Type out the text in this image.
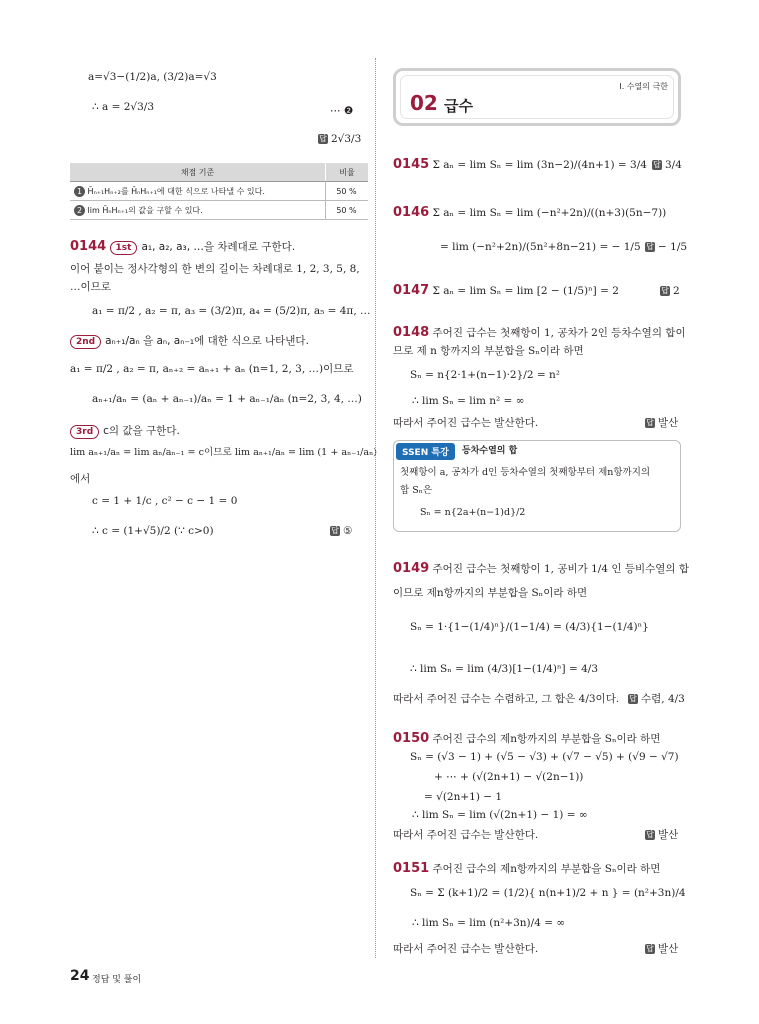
a=√3−(1/2)a, (3/2)a=√3
∴ a = 2√3/3	⋯ ❷
답 2√3/3
채점 기준	비율
1 H̄ₙ₊₁Hₙ₊₂를 H̄ₙHₙ₊₁에 대한 식으로 나타낼 수 있다.	50 %
2 lim H̄ₙHₙ₊₁의 값을 구할 수 있다.	50 %
0144 1st a₁, a₂, a₃, …을 차례대로 구한다.
이어 붙이는 정사각형의 한 변의 길이는 차례대로 1, 2, 3, 5, 8,
…이므로
a₁ = π/2 , a₂ = π, a₃ = (3/2)π, a₄ = (5/2)π, a₅ = 4π, …
2nd aₙ₊₁/aₙ 을 aₙ, aₙ₋₁에 대한 식으로 나타낸다.
a₁ = π/2 , a₂ = π, aₙ₊₂ = aₙ₊₁ + aₙ (n=1, 2, 3, …)이므로
aₙ₊₁/aₙ = (aₙ + aₙ₋₁)/aₙ = 1 + aₙ₋₁/aₙ (n=2, 3, 4, …)
3rd c의 값을 구한다.
lim aₙ₊₁/aₙ = lim aₙ/aₙ₋₁ = c이므로 lim aₙ₊₁/aₙ = lim (1 + aₙ₋₁/aₙ)
에서
c = 1 + 1/c , c² − c − 1 = 0
∴ c = (1+√5)/2 (∵ c>0)	답 ⑤
Ⅰ. 수열의 극한
02 급수
0145 Σ aₙ = lim Sₙ = lim (3n−2)/(4n+1) = 3/4 답 3/4
0146 Σ aₙ = lim Sₙ = lim (−n²+2n)/((n+3)(5n−7))
= lim (−n²+2n)/(5n²+8n−21) = − 1/5 답 − 1/5
0147 Σ aₙ = lim Sₙ = lim [2 − (1/5)ⁿ] = 2	답 2
0148 주어진 급수는 첫째항이 1, 공차가 2인 등차수열의 합이
므로 제 n 항까지의 부분합을 Sₙ이라 하면
Sₙ = n{2·1+(n−1)·2}/2 = n²
∴ lim Sₙ = lim n² = ∞
따라서 주어진 급수는 발산한다.	답 발산
SSEN 특강	등차수열의 합
첫째항이 a, 공차가 d인 등차수열의 첫째항부터 제n항까지의
합 Sₙ은
Sₙ = n{2a+(n−1)d}/2
0149 주어진 급수는 첫째항이 1, 공비가 1/4 인 등비수열의 합
이므로 제n항까지의 부분합을 Sₙ이라 하면
Sₙ = 1·{1−(1/4)ⁿ}/(1−1/4) = (4/3){1−(1/4)ⁿ}
∴ lim Sₙ = lim (4/3)[1−(1/4)ⁿ] = 4/3
따라서 주어진 급수는 수렴하고, 그 합은 4/3이다. 답 수렴, 4/3
0150 주어진 급수의 제n항까지의 부분합을 Sₙ이라 하면
Sₙ = (√3 − 1) + (√5 − √3) + (√7 − √5) + (√9 − √7)
+ ⋯ + (√(2n+1) − √(2n−1))
= √(2n+1) − 1
∴ lim Sₙ = lim (√(2n+1) − 1) = ∞
따라서 주어진 급수는 발산한다.	답 발산
0151 주어진 급수의 제n항까지의 부분합을 Sₙ이라 하면
Sₙ = Σ (k+1)/2 = (1/2){ n(n+1)/2 + n } = (n²+3n)/4
∴ lim Sₙ = lim (n²+3n)/4 = ∞
따라서 주어진 급수는 발산한다.	답 발산
24 정답 및 풀이
